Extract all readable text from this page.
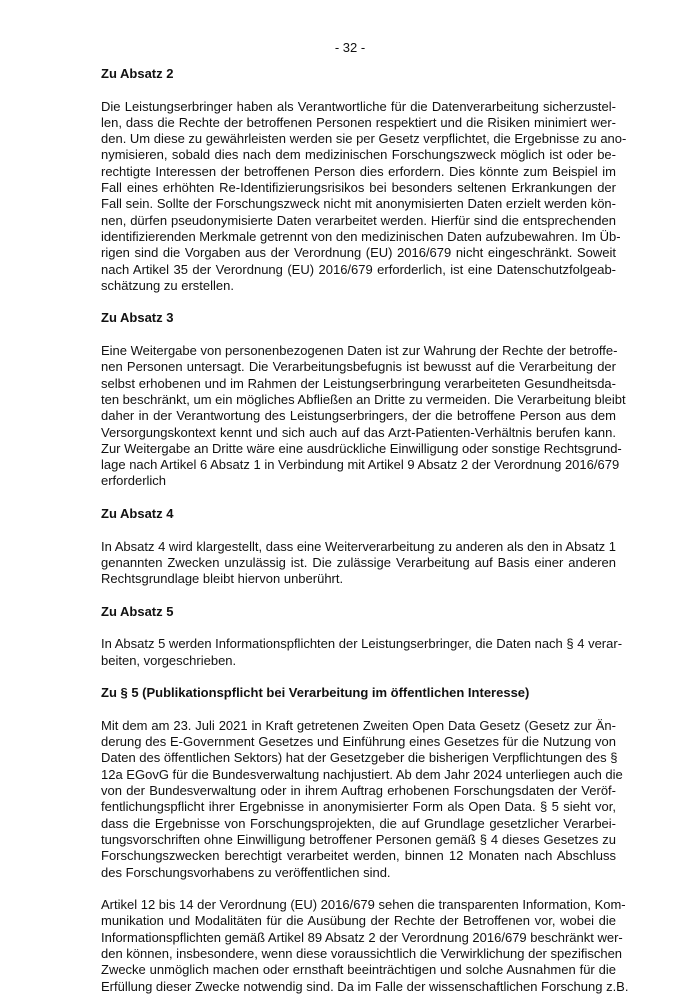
- 32 -
Zu Absatz 2
Die Leistungserbringer haben als Verantwortliche für die Datenverarbeitung sicherzustel-
len, dass die Rechte der betroffenen Personen respektiert und die Risiken minimiert wer-
den. Um diese zu gewährleisten werden sie per Gesetz verpflichtet, die Ergebnisse zu ano-
nymisieren, sobald dies nach dem medizinischen Forschungszweck möglich ist oder be-
rechtigte Interessen der betroffenen Person dies erfordern. Dies könnte zum Beispiel im
Fall eines erhöhten Re-Identifizierungsrisikos bei besonders seltenen Erkrankungen der
Fall sein. Sollte der Forschungszweck nicht mit anonymisierten Daten erzielt werden kön-
nen, dürfen pseudonymisierte Daten verarbeitet werden. Hierfür sind die entsprechenden
identifizierenden Merkmale getrennt von den medizinischen Daten aufzubewahren. Im Üb-
rigen sind die Vorgaben aus der Verordnung (EU) 2016/679 nicht eingeschränkt. Soweit
nach Artikel 35 der Verordnung (EU) 2016/679 erforderlich, ist eine Datenschutzfolgeab-
schätzung zu erstellen.
Zu Absatz 3
Eine Weitergabe von personenbezogenen Daten ist zur Wahrung der Rechte der betroffe-
nen Personen untersagt. Die Verarbeitungsbefugnis ist bewusst auf die Verarbeitung der
selbst erhobenen und im Rahmen der Leistungserbringung verarbeiteten Gesundheitsda-
ten beschränkt, um ein mögliches Abfließen an Dritte zu vermeiden. Die Verarbeitung bleibt
daher in der Verantwortung des Leistungserbringers, der die betroffene Person aus dem
Versorgungskontext kennt und sich auch auf das Arzt-Patienten-Verhältnis berufen kann.
Zur Weitergabe an Dritte wäre eine ausdrückliche Einwilligung oder sonstige Rechtsgrund-
lage nach Artikel 6 Absatz 1 in Verbindung mit Artikel 9 Absatz 2 der Verordnung 2016/679
erforderlich
Zu Absatz 4
In Absatz 4 wird klargestellt, dass eine Weiterverarbeitung zu anderen als den in Absatz 1
genannten Zwecken unzulässig ist. Die zulässige Verarbeitung auf Basis einer anderen
Rechtsgrundlage bleibt hiervon unberührt.
Zu Absatz 5
In Absatz 5 werden Informationspflichten der Leistungserbringer, die Daten nach § 4 verar-
beiten, vorgeschrieben.
Zu § 5 (Publikationspflicht bei Verarbeitung im öffentlichen Interesse)
Mit dem am 23. Juli 2021 in Kraft getretenen Zweiten Open Data Gesetz (Gesetz zur Än-
derung des E-Government Gesetzes und Einführung eines Gesetzes für die Nutzung von
Daten des öffentlichen Sektors) hat der Gesetzgeber die bisherigen Verpflichtungen des §
12a EGovG für die Bundesverwaltung nachjustiert. Ab dem Jahr 2024 unterliegen auch die
von der Bundesverwaltung oder in ihrem Auftrag erhobenen Forschungsdaten der Veröf-
fentlichungspflicht ihrer Ergebnisse in anonymisierter Form als Open Data. § 5 sieht vor,
dass die Ergebnisse von Forschungsprojekten, die auf Grundlage gesetzlicher Verarbei-
tungsvorschriften ohne Einwilligung betroffener Personen gemäß § 4 dieses Gesetzes zu
Forschungszwecken berechtigt verarbeitet werden, binnen 12 Monaten nach Abschluss
des Forschungsvorhabens zu veröffentlichen sind.
Artikel 12 bis 14 der Verordnung (EU) 2016/679 sehen die transparenten Information, Kom-
munikation und Modalitäten für die Ausübung der Rechte der Betroffenen vor, wobei die
Informationspflichten gemäß Artikel 89 Absatz 2 der Verordnung 2016/679 beschränkt wer-
den können, insbesondere, wenn diese voraussichtlich die Verwirklichung der spezifischen
Zwecke unmöglich machen oder ernsthaft beeinträchtigen und solche Ausnahmen für die
Erfüllung dieser Zwecke notwendig sind. Da im Falle der wissenschaftlichen Forschung z.B.
